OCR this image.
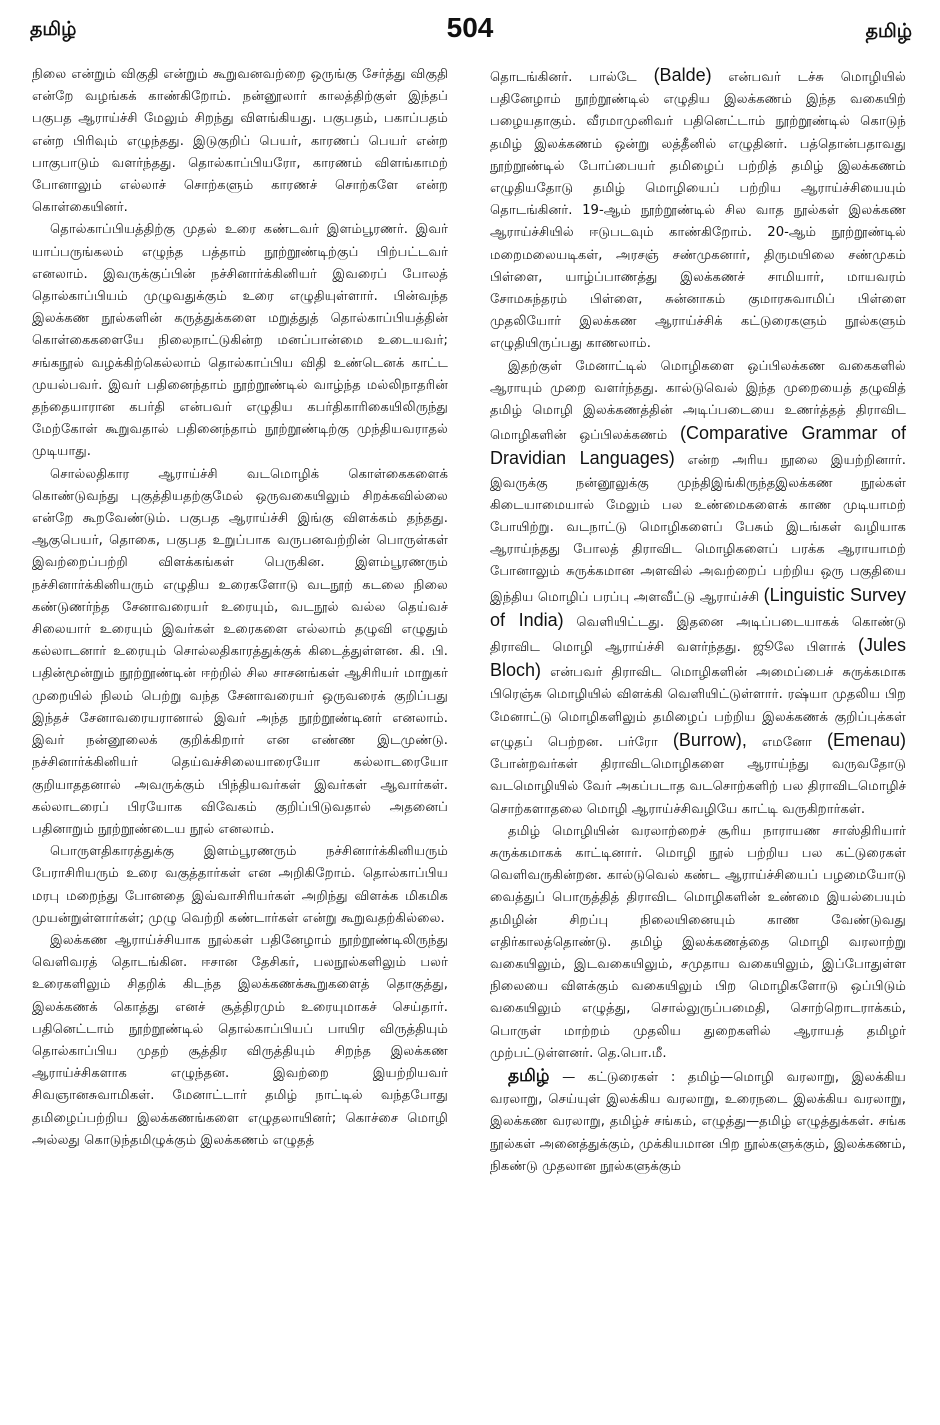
தமிழ்	504	தமிழ்

நிலை என்றும் விகுதி என்றும் கூறுவனவற்றை ஒருங்கு சேர்த்து விகுதி என்றே வழங்கக் காண்கிறோம். நன்னூலார் காலத்திற்குள் இந்தப் பகுபத ஆராய்ச்சி மேலும் சிறந்து விளங்கியது. பகுபதம், பகாப்பதம் என்ற பிரிவும் எழுந்தது. இடுகுறிப் பெயர், காரணப் பெயர் என்ற பாகுபாடும் வளர்ந்தது. தொல்காப்பியரோ, காரணம் விளங்காமற் போனாலும் எல்லாச் சொற்களும் காரணச் சொற்களே என்ற கொள்கையினர்.

தொல்காப்பியத்திற்கு முதல் உரை கண்டவர் இளம்பூரணர். இவர் யாப்பருங்கலம் எழுந்த பத்தாம் நூற்றூண்டிற்குப் பிற்பட்டவர் எனலாம். இவருக்குப்பின் நச்சினார்க்கினியர் இவரைப் போலத் தொல்காப்பியம் முழுவதுக்கும் உரை எழுதியுள்ளார். பின்வந்த இலக்கண நூல்களின் கருத்துக்களை மறுத்துத் தொல்காப்பியத்தின் கொள்கைகளையே நிலைநாட்டுகின்ற மனப்பான்மை உடையவர்; சங்கநூல் வழக்கிற்கெல்லாம் தொல்காப்பிய விதி உண்டெனக் காட்ட முயல்பவர். இவர் பதினைந்தாம் நூற்றூண்டில் வாழ்ந்த மல்லிநாதரின் தந்தையாரான கபர்தி என்பவர் எழுதிய கபர்திகாரிகையிலிருந்து மேற்கோள் கூறுவதால் பதினைந்தாம் நூற்றூண்டிற்கு முந்தியவராதல் முடியாது.

சொல்லதிகார ஆராய்ச்சி வடமொழிக் கொள்கைகளைக் கொண்டுவந்து புகுத்தியதற்குமேல் ஒருவகையிலும் சிறக்கவில்லை என்றே கூறவேண்டும். பகுபத ஆராய்ச்சி இங்கு விளக்கம் தந்தது. ஆகுபெயர், தொகை, பகுபத உறுப்பாக வருபனவற்றின் பொருள்கள் இவற்றைப்பற்றி விளக்கங்கள் பெருகின. இளம்பூரணரும் நச்சினார்க்கினியரும் எழுதிய உரைகளோடு வடநூற் கடலை நிலை கண்டுணர்ந்த சேனாவரையர் உரையும், வடநூல் வல்ல தெய்வச் சிலையார் உரையும் இவர்கள் உரைகளை எல்லாம் தழுவி எழுதும் கல்லாடனார் உரையும் சொல்லதிகாரத்துக்குக் கிடைத்துள்ளன. கி. பி. பதின்மூன்றும் நூற்றூண்டின் ஈற்றில் சில சாசனங்கள் ஆசிரியர் மாறுகர் முறையில் நிலம் பெற்று வந்த சேனாவரையர் ஒருவரைக் குறிப்பது இந்தச் சேனாவரையரானால் இவர் அந்த நூற்றூண்டினர் எனலாம். இவர் நன்னூலைக் குறிக்கிறார் என எண்ண இடமுண்டு. நச்சினார்க்கினியர் தெய்வச்சிலையாரையோ கல்லாடரையோ குறியாததனால் அவருக்கும் பிந்தியவர்கள் இவர்கள் ஆவார்கள். கல்லாடரைப் பிரயோக விவேகம் குறிப்பிடுவதால் அதனைப் பதினாறும் நூற்றூண்டைய நூல் எனலாம்.

பொருளதிகாரத்துக்கு இளம்பூரணரும் நச்சினார்க்கினியரும் பேராசிரியரும் உரை வகுத்தார்கள் என அறிகிறோம். தொல்காப்பிய மரபு மறைந்து போனதை இவ்வாசிரியர்கள் அறிந்து விளக்க மிகமிக முயன்றுள்ளார்கள்; முழு வெற்றி கண்டார்கள் என்று கூறுவதற்கில்லை.

இலக்கண ஆராய்ச்சியாக நூல்கள் பதினேழாம் நூற்றூண்டிலிருந்து வெளிவரத் தொடங்கின. ஈசான தேசிகர், பலநூல்களிலும் பலர் உரைகளிலும் சிதறிக் கிடந்த இலக்கணக்கூறுகளைத் தொகுத்து, இலக்கணக் கொத்து எனச் சூத்திரமும் உரையுமாகச் செய்தார். பதினெட்டாம் நூற்றூண்டில் தொல்காப்பியப் பாயிர விருத்தியும் தொல்காப்பிய முதற் சூத்திர விருத்தியும் சிறந்த இலக்கண ஆராய்ச்சிகளாக எழுந்தன. இவற்றை இயற்றியவர் சிவஞானசுவாமிகள். மேனாட்டார் தமிழ் நாட்டில் வந்தபோது தமிழைப்பற்றிய இலக்கணங்களை எழுதலாயினர்; கொச்சை மொழி அல்லது கொடுந்தமிழுக்கும் இலக்கணம் எழுதத்

தொடங்கினர். பால்டே (Balde) என்பவர் டச்சு மொழியில் பதினேழாம் நூற்றூண்டில் எழுதிய இலக்கணம் இந்த வகையிற் பழையதாகும். வீரமாமுனிவர் பதினெட்டாம் நூற்றூண்டில் கொடுந் தமிழ் இலக்கணம் ஒன்று லத்தீனில் எழுதினர். பத்தொன்பதாவது நூற்றூண்டில் போப்பையர் தமிழைப் பற்றித் தமிழ் இலக்கணம் எழுதியதோடு தமிழ் மொழியைப் பற்றிய ஆராய்ச்சியையும் தொடங்கினர். 19-ஆம் நூற்றூண்டில் சில வாத நூல்கள் இலக்கண ஆராய்ச்சியில் ஈடுபடவும் காண்கிறோம். 20-ஆம் நூற்றூண்டில் மறைமலையடிகள், அரசஞ் சண்முகனார், திருமயிலை சண்முகம் பிள்ளை, யாழ்ப்பாணத்து இலக்கணச் சாமியார், மாயவரம் சோமசுந்தரம் பிள்ளை, சுன்னாகம் குமாரசுவாமிப் பிள்ளை முதலியோர் இலக்கண ஆராய்ச்சிக் கட்டுரைகளும் நூல்களும் எழுதியிருப்பது காணலாம்.

இதற்குள் மேனாட்டில் மொழிகளை ஒப்பிலக்கண வகைகளில் ஆராயும் முறை வளர்ந்தது. கால்டுவெல் இந்த முறையைத் தழுவித் தமிழ் மொழி இலக்கணத்தின் அடிப்படையை உணர்த்தத் திராவிட மொழிகளின் ஒப்பிலக்கணம் (Comparative Grammar of Dravidian Languages) என்ற அரிய நூலை இயற்றினார். இவருக்கு நன்னூலுக்கு முந்திஇங்கிருந்தஇலக்கண நூல்கள் கிடையாமையால் மேலும் பல உண்மைகளைக் காண முடியாமற் போயிற்று. வடநாட்டு மொழிகளைப் பேசும் இடங்கள் வழியாக ஆராய்ந்தது போலத் திராவிட மொழிகளைப் பரக்க ஆராயாமற் போனாலும் சுருக்கமான அளவில் அவற்றைப் பற்றிய ஒரு பகுதியை இந்திய மொழிப் பரப்பு அளவீட்டு ஆராய்ச்சி (Linguistic Survey of India) வெளியிட்டது. இதனை அடிப்படையாகக் கொண்டு திராவிட மொழி ஆராய்ச்சி வளர்ந்தது. ஜூலே பிளாக் (Jules Bloch) என்பவர் திராவிட மொழிகளின் அமைப்பைச் சுருக்கமாக பிரெஞ்சு மொழியில் விளக்கி வெளியிட்டுள்ளார். ரஷ்யா முதலிய பிற மேனாட்டு மொழிகளிலும் தமிழைப் பற்றிய இலக்கணக் குறிப்புக்கள் எழுதப் பெற்றன. பர்ரோ (Burrow), எமனோ (Emenau) போன்றவர்கள் திராவிடமொழிகளை ஆராய்ந்து வருவதோடு வடமொழியில் வேர் அகப்படாத வடசொற்களிற் பல திராவிடமொழிச் சொற்களாதலை மொழி ஆராய்ச்சிவழியே காட்டி வருகிறார்கள்.

தமிழ் மொழியின் வரலாற்றைச் சூரிய நாராயண சாஸ்திரியார் சுருக்கமாகக் காட்டினார். மொழி நூல் பற்றிய பல கட்டுரைகள் வெளிவருகின்றன. கால்டுவெல் கண்ட ஆராய்ச்சியைப் பழமையோடு வைத்துப் பொருத்தித் திராவிட மொழிகளின் உண்மை இயல்பையும் தமிழின் சிறப்பு நிலையினையும் காண வேண்டுவது எதிர்காலத்தொண்டு. தமிழ் இலக்கணத்தை மொழி வரலாற்று வகையிலும், இடவகையிலும், சமுதாய வகையிலும், இப்போதுள்ள நிலையை விளக்கும் வகையிலும் பிற மொழிகளோடு ஒப்பிடும் வகையிலும் எழுத்து, சொல்லுருப்பமைதி, சொற்றொடராக்கம், பொருள் மாற்றம் முதலிய துறைகளில் ஆராயத் தமிழர் முற்பட்டுள்ளனர். தெ.பொ.மீ.

தமிழ் — கட்டுரைகள் : தமிழ்—மொழி வரலாறு, இலக்கிய வரலாறு, செய்யுள் இலக்கிய வரலாறு, உரைநடை இலக்கிய வரலாறு, இலக்கண வரலாறு, தமிழ்ச் சங்கம், எழுத்து—தமிழ் எழுத்துக்கள். சங்க நூல்கள் அனைத்துக்கும், முக்கியமான பிற நூல்களுக்கும், இலக்கணம், நிகண்டு முதலான நூல்களுக்கும்
